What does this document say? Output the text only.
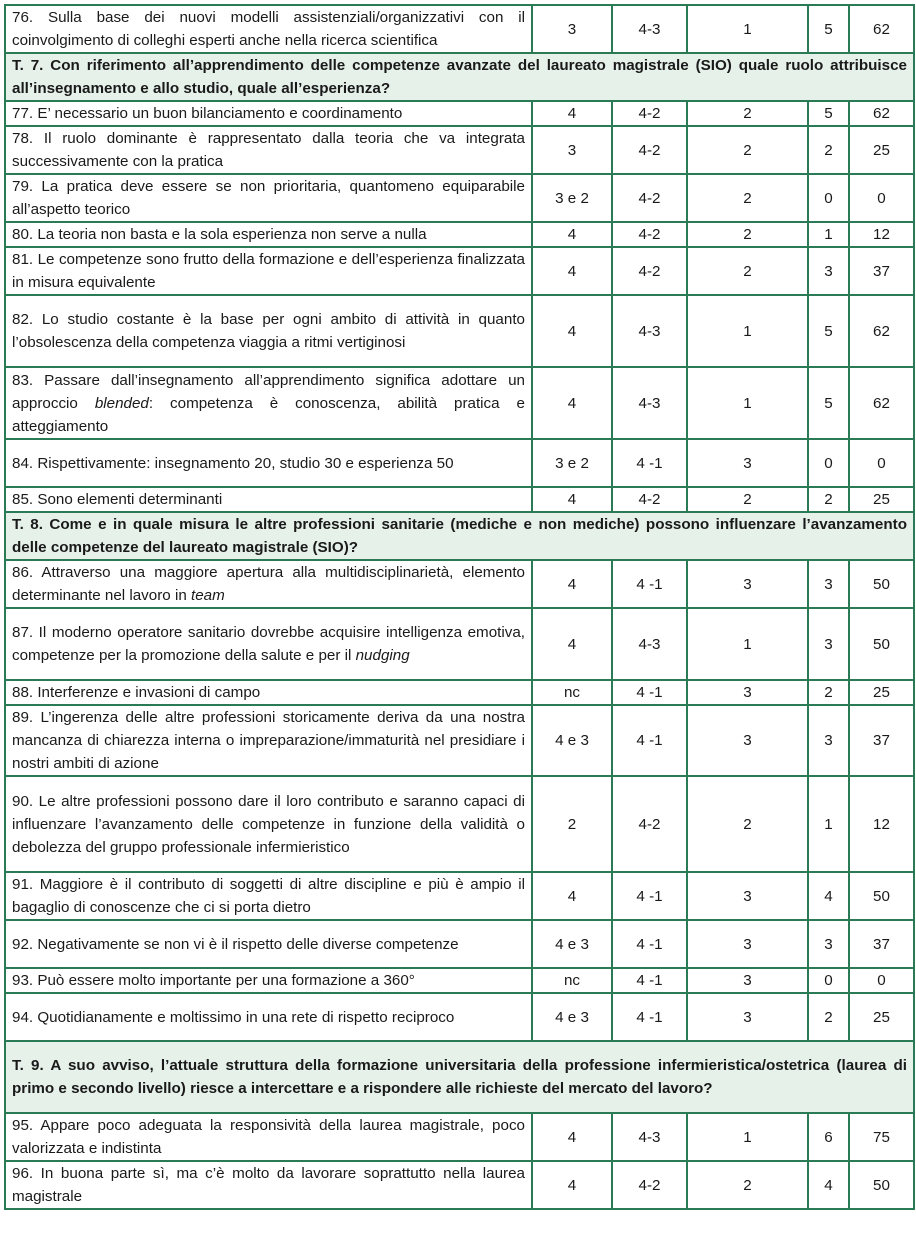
76. Sulla base dei nuovi modelli assistenziali/organizzativi con il coinvolgimento di colleghi esperti anche nella ricerca scientifica	3	4-3	1	5	62
T. 7. Con riferimento all’apprendimento delle competenze avanzate del laureato magistrale (SIO) quale ruolo attribuisce all’insegnamento e allo studio, quale all’esperienza?					
77. E’ necessario un buon bilanciamento e coordinamento	4	4-2	2	5	62
78. Il ruolo dominante è rappresentato dalla teoria che va integrata successivamente con la pratica	3	4-2	2	2	25
79. La pratica deve essere se non prioritaria, quantomeno equiparabile all’aspetto teorico	3 e 2	4-2	2	0	0
80. La teoria non basta e la sola esperienza non serve a nulla	4	4-2	2	1	12
81. Le competenze sono frutto della formazione e dell’esperienza finalizzata in misura equivalente	4	4-2	2	3	37
82. Lo studio costante è la base per ogni ambito di attività in quanto l’obsolescenza della competenza viaggia a ritmi vertiginosi	4	4-3	1	5	62
83. Passare dall’insegnamento all’apprendimento significa adottare un approccio blended: competenza è conoscenza, abilità pratica e atteggiamento	4	4-3	1	5	62
84. Rispettivamente: insegnamento 20, studio 30 e esperienza 50	3 e 2	4 -1	3	0	0
85. Sono elementi determinanti	4	4-2	2	2	25
T. 8. Come e in quale misura le altre professioni sanitarie (mediche e non mediche) possono influenzare l’avanzamento delle competenze del laureato magistrale (SIO)?					
86. Attraverso una maggiore apertura alla multidisciplinarietà, elemento determinante nel lavoro in team	4	4 -1	3	3	50
87. Il moderno operatore sanitario dovrebbe acquisire intelligenza emotiva, competenze per la promozione della salute e per il nudging	4	4-3	1	3	50
88. Interferenze e invasioni di campo	nc	4 -1	3	2	25
89. L’ingerenza delle altre professioni storicamente deriva da una nostra mancanza di chiarezza interna o impreparazione/immaturità nel presidiare i nostri ambiti di azione	4 e 3	4 -1	3	3	37
90. Le altre professioni possono dare il loro contributo e saranno capaci di influenzare l’avanzamento delle competenze in funzione della validità o debolezza del gruppo professionale infermieristico	2	4-2	2	1	12
91. Maggiore è il contributo di soggetti di altre discipline e più è ampio il bagaglio di conoscenze che ci si porta dietro	4	4 -1	3	4	50
92. Negativamente se non vi è il rispetto delle diverse competenze	4 e 3	4 -1	3	3	37
93. Può essere molto importante per una formazione a 360°	nc	4 -1	3	0	0
94. Quotidianamente e moltissimo in una rete di rispetto reciproco	4 e 3	4 -1	3	2	25
T. 9. A suo avviso, l’attuale struttura della formazione universitaria della professione infermieristica/ostetrica (laurea di primo e secondo livello) riesce a intercettare e a rispondere alle richieste del mercato del lavoro?					
95. Appare poco adeguata la responsività della laurea magistrale, poco valorizzata e indistinta	4	4-3	1	6	75
96. In buona parte sì, ma c’è molto da lavorare soprattutto nella laurea magistrale	4	4-2	2	4	50
